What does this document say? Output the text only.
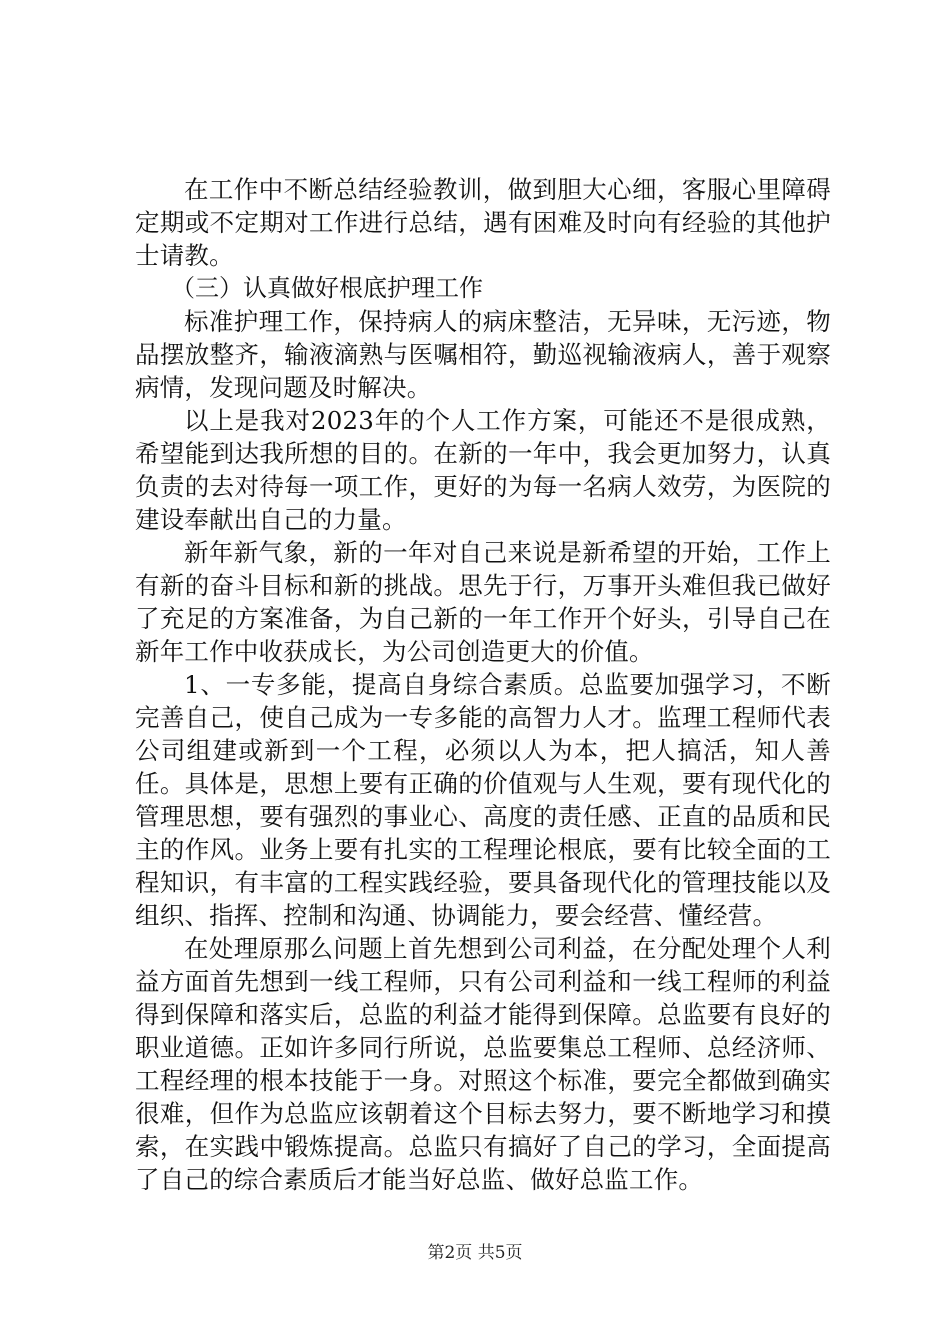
在工作中不断总结经验教训，做到胆大心细，客服心里障碍定期或不定期对工作进行总结，遇有困难及时向有经验的其他护士请教。

（三）认真做好根底护理工作

标准护理工作，保持病人的病床整洁，无异味，无污迹，物品摆放整齐，输液滴熟与医嘱相符，勤巡视输液病人，善于观察病情，发现问题及时解决。

以上是我对2023年的个人工作方案，可能还不是很成熟，希望能到达我所想的目的。在新的一年中，我会更加努力，认真负责的去对待每一项工作，更好的为每一名病人效劳，为医院的建设奉献出自己的力量。

新年新气象，新的一年对自己来说是新希望的开始，工作上有新的奋斗目标和新的挑战。思先于行，万事开头难但我已做好了充足的方案准备，为自己新的一年工作开个好头，引导自己在新年工作中收获成长，为公司创造更大的价值。

1、一专多能，提高自身综合素质。总监要加强学习，不断完善自己，使自己成为一专多能的高智力人才。监理工程师代表公司组建或新到一个工程，必须以人为本，把人搞活，知人善任。具体是，思想上要有正确的价值观与人生观，要有现代化的管理思想，要有强烈的事业心、高度的责任感、正直的品质和民主的作风。业务上要有扎实的工程理论根底，要有比较全面的工程知识，有丰富的工程实践经验，要具备现代化的管理技能以及组织、指挥、控制和沟通、协调能力，要会经营、懂经营。

在处理原那么问题上首先想到公司利益，在分配处理个人利益方面首先想到一线工程师，只有公司利益和一线工程师的利益得到保障和落实后，总监的利益才能得到保障。总监要有良好的职业道德。正如许多同行所说，总监要集总工程师、总经济师、工程经理的根本技能于一身。对照这个标准，要完全都做到确实很难，但作为总监应该朝着这个目标去努力，要不断地学习和摸索，在实践中锻炼提高。总监只有搞好了自己的学习，全面提高了自己的综合素质后才能当好总监、做好总监工作。

第2页 共5页
